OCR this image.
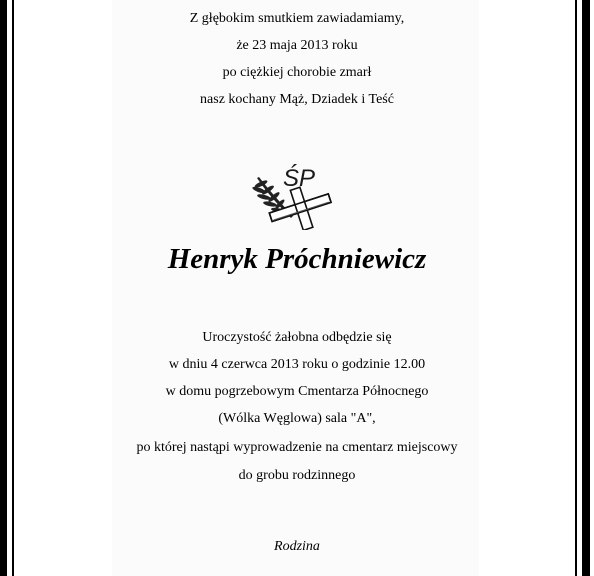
Z głębokim smutkiem zawiadamiamy,
że 23 maja 2013 roku
po ciężkiej chorobie zmarł
nasz kochany Mąż, Dziadek i Teść
ŚP
Henryk Próchniewicz
Uroczystość żałobna odbędzie się
w dniu 4 czerwca 2013 roku o godzinie 12.00
w domu pogrzebowym Cmentarza Północnego
(Wólka Węglowa) sala "A",
po której nastąpi wyprowadzenie na cmentarz miejscowy
do grobu rodzinnego
Rodzina
